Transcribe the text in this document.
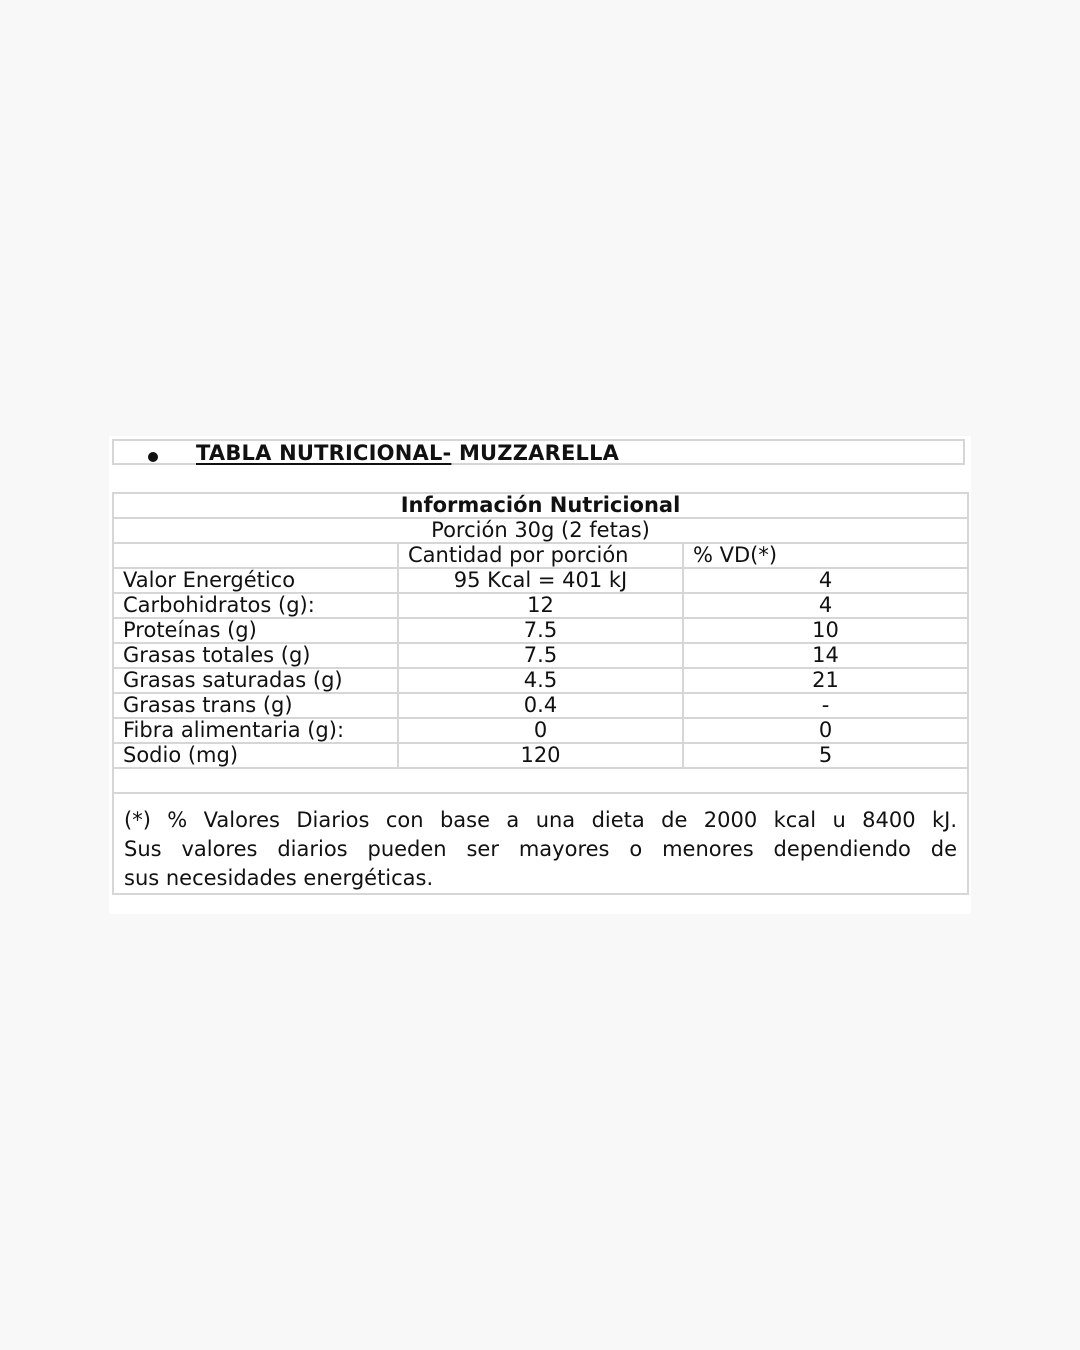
TABLA NUTRICIONAL- MUZZARELLA
Información Nutricional		
Porción 30g (2 fetas)		
	Cantidad por porción	% VD(*)
Valor Energético	95 Kcal = 401 kJ	4
Carbohidratos (g):	12	4
Proteínas (g)	7.5	10
Grasas totales (g)	7.5	14
Grasas saturadas (g)	4.5	21
Grasas trans (g)	0.4	-
Fibra alimentaria (g):	0	0
Sodio (mg)	120	5

(*) % Valores Diarios con base a una dieta de 2000 kcal u 8400 kJ.
Sus valores diarios pueden ser mayores o menores dependiendo de
sus necesidades energéticas.		
